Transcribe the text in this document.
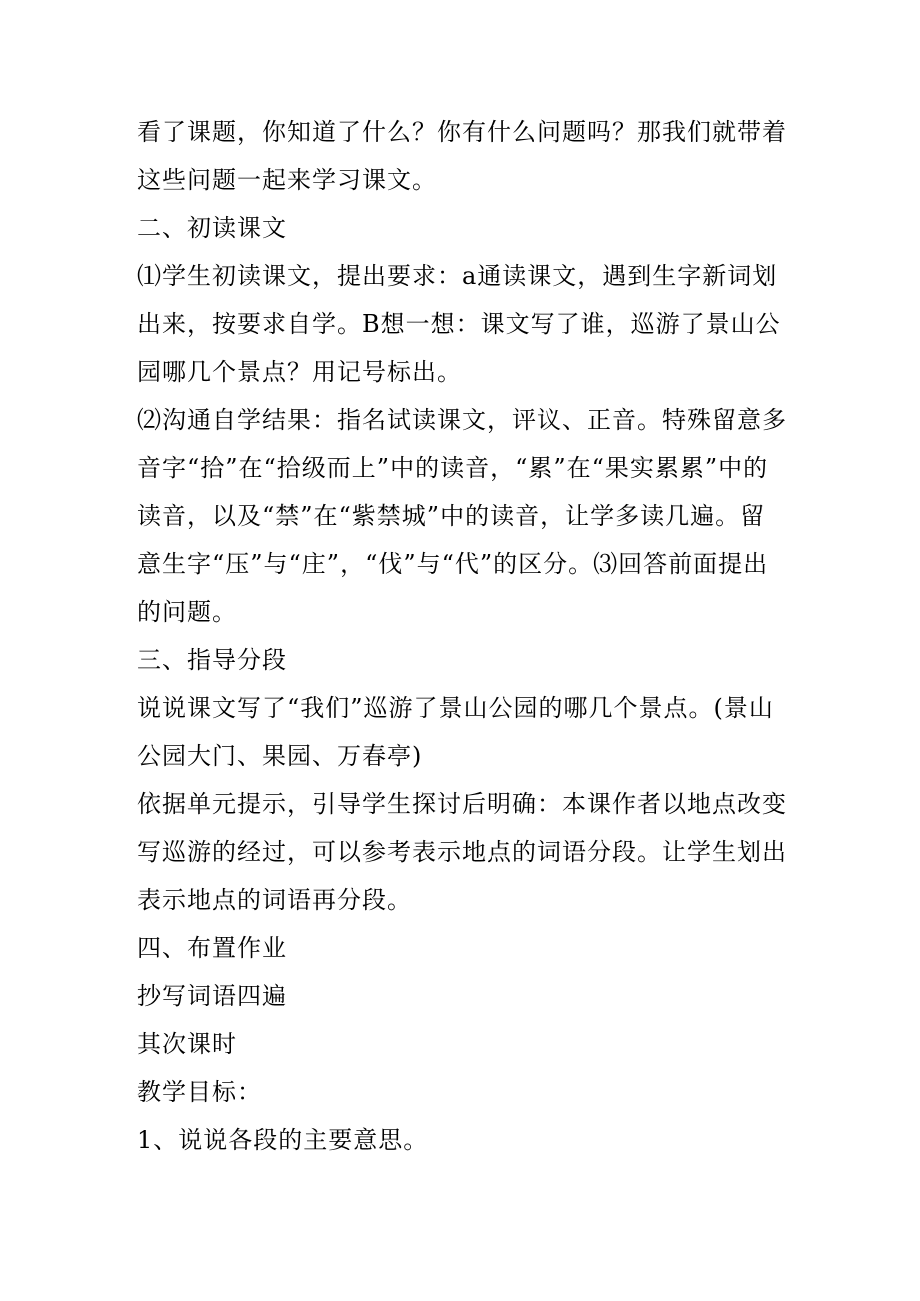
看了课题，你知道了什么？你有什么问题吗？那我们就带着这些问题一起来学习课文。

二、初读课文

⑴学生初读课文，提出要求：a通读课文，遇到生字新词划出来，按要求自学。B想一想：课文写了谁，巡游了景山公园哪几个景点？用记号标出。

⑵沟通自学结果：指名试读课文，评议、正音。特殊留意多音字“拾”在“拾级而上”中的读音，“累”在“果实累累”中的读音，以及“禁”在“紫禁城”中的读音，让学多读几遍。留意生字“压”与“庄”，“伐”与“代”的区分。⑶回答前面提出的问题。

三、指导分段

说说课文写了“我们”巡游了景山公园的哪几个景点。(景山公园大门、果园、万春亭)

依据单元提示，引导学生探讨后明确：本课作者以地点改变写巡游的经过，可以参考表示地点的词语分段。让学生划出表示地点的词语再分段。

四、布置作业

抄写词语四遍

其次课时

教学目标：

1、说说各段的主要意思。
